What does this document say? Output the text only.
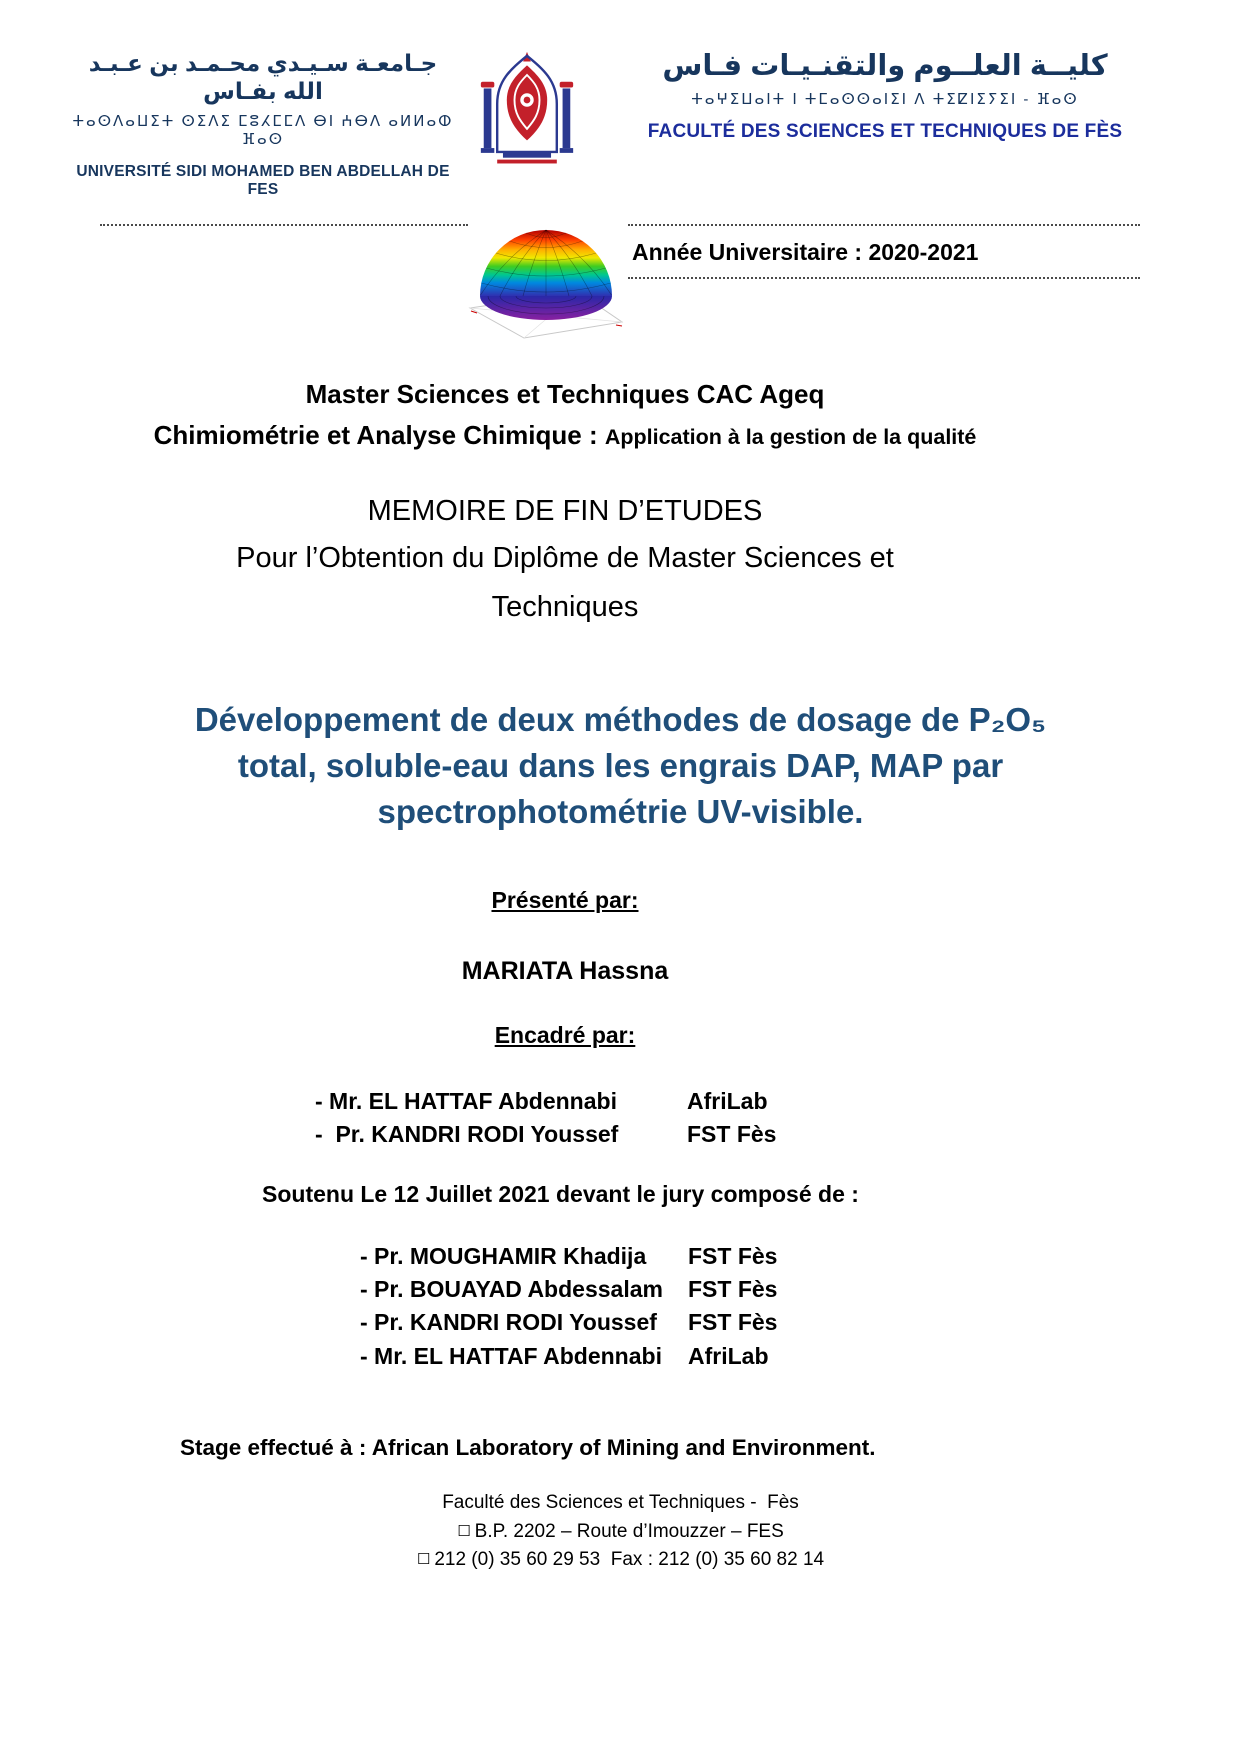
جـامعـة سـيـدي محـمـد بن عـبـد الله بفـاس
ⵜⴰⵙⴷⴰⵡⵉⵜ ⵙⵉⴷⵉ ⵎⵓⵃⵎⵎⴷ ⴱⵏ ⵄⴱⴷ ⴰⵍⵍⴰⵀ ⴼⴰⵙ
UNIVERSITÉ SIDI MOHAMED BEN ABDELLAH DE FES
كليــة العلــوم والتقنـيـات فـاس
ⵜⴰⵖⵉⵡⴰⵏⵜ ⵏ ⵜⵎⴰⵙⵙⴰⵏⵉⵏ ⴷ ⵜⵉⵇⵏⵉⵢⵉⵏ - ⴼⴰⵙ
FACULTÉ DES SCIENCES ET TECHNIQUES DE FÈS
Année Universitaire : 2020-2021
Master Sciences et Techniques CAC Ageq
Chimiométrie et Analyse Chimique : Application à la gestion de la qualité
MEMOIRE DE FIN D’ETUDES
Pour l’Obtention du Diplôme de Master Sciences et
Techniques
Développement de deux méthodes de dosage de P₂O₅
total, soluble-eau dans les engrais DAP, MAP par
spectrophotométrie UV-visible.
Présenté par:
MARIATA Hassna
Encadré par:
- Mr. EL HATTAF Abdennabi	AfriLab
-  Pr. KANDRI RODI Youssef	FST Fès
Soutenu Le 12 Juillet 2021 devant le jury composé de :
- Pr. MOUGHAMIR Khadija	FST Fès
- Pr. BOUAYAD Abdessalam	FST Fès
- Pr. KANDRI RODI Youssef	FST Fès
- Mr. EL HATTAF Abdennabi	AfriLab
Stage effectué à : African Laboratory of Mining and Environment.
Faculté des Sciences et Techniques -  Fès
☐ B.P. 2202 – Route d’Imouzzer – FES
☐ 212 (0) 35 60 29 53  Fax : 212 (0) 35 60 82 14
